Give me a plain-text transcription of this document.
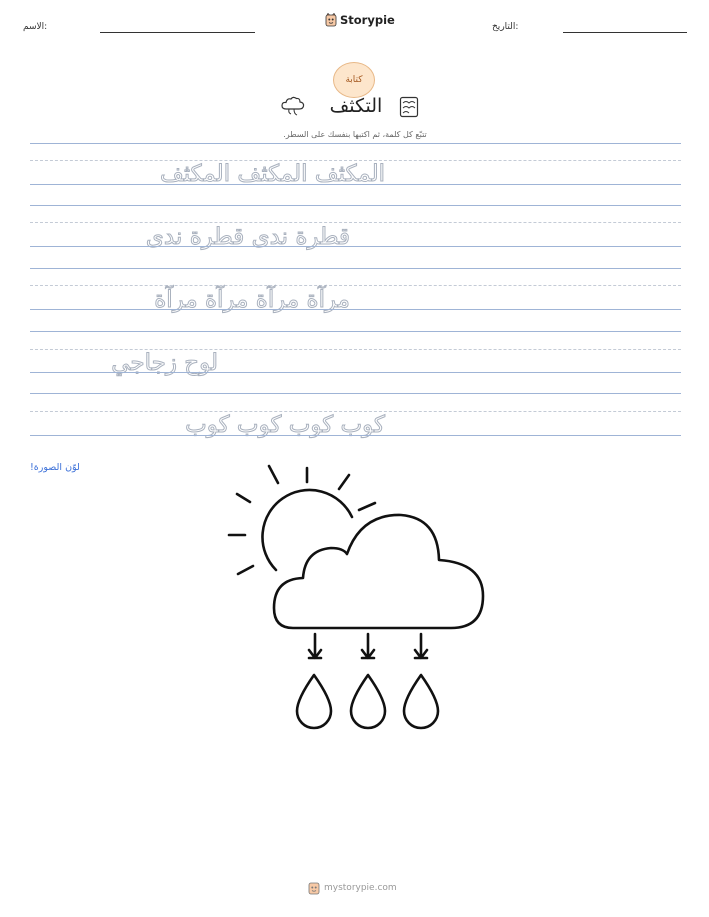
الاسم:	Storypie	التاريخ:
كتابة
التكثف
تتبّع كل كلمة، ثم اكتبها بنفسك على السطر.
المكثف المكثف المكثف
قطرة ندى قطرة ندى
مرآة مرآة مرآة مرآة
لوح زجاجي
كوب كوب كوب كوب
لوّن الصورة!
mystorypie.com
